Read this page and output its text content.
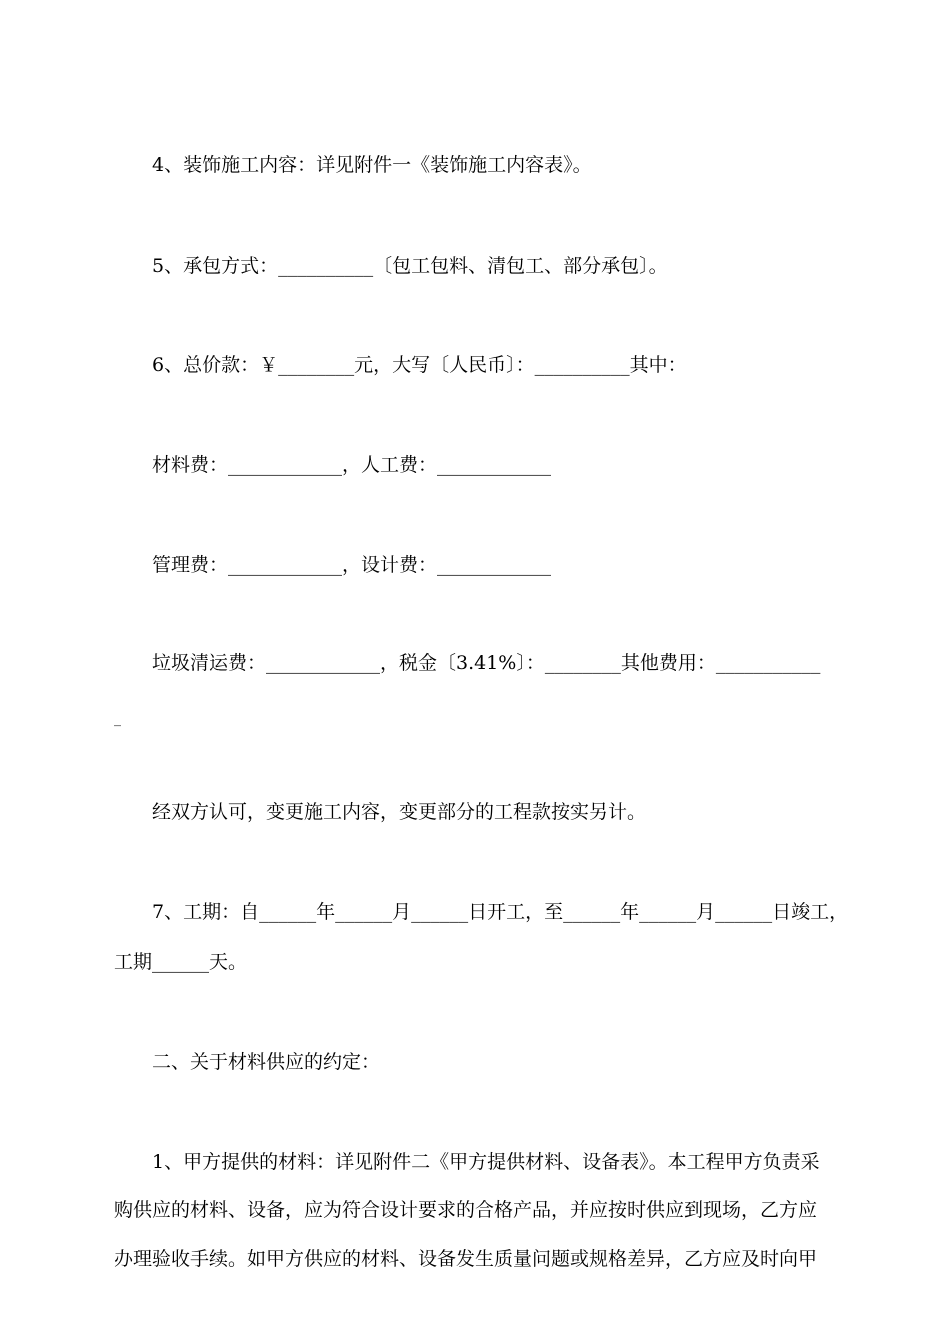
4、装饰施工内容：详见附件一《装饰施工内容表》。
5、承包方式：__________〔包工包料、清包工、部分承包〕。
6、总价款：￥________元，大写〔人民币〕：__________其中：
材料费：____________，人工费：____________
管理费：____________，设计费：____________
垃圾清运费：____________，税金〔3.41%〕：________其他费用：___________
_
经双方认可，变更施工内容，变更部分的工程款按实另计。
7、工期：自______年______月______日开工，至______年______月______日竣工，
工期______天。
二、关于材料供应的约定：
1、甲方提供的材料：详见附件二《甲方提供材料、设备表》。本工程甲方负责采
购供应的材料、设备，应为符合设计要求的合格产品，并应按时供应到现场，乙方应
办理验收手续。如甲方供应的材料、设备发生质量问题或规格差异，乙方应及时向甲
